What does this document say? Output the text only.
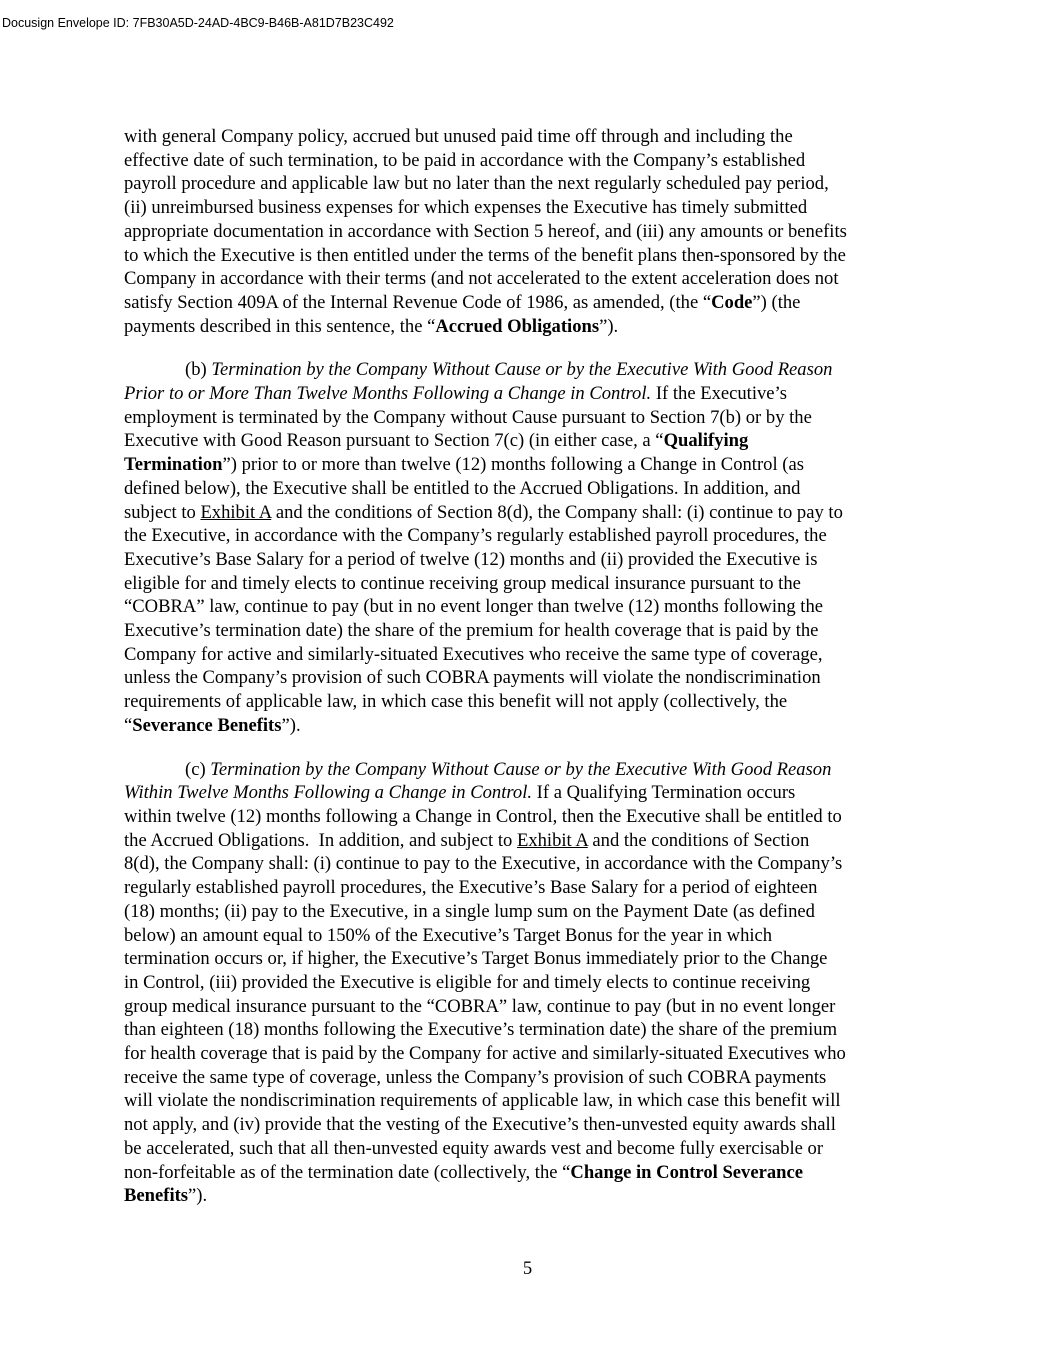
Docusign Envelope ID: 7FB30A5D-24AD-4BC9-B46B-A81D7B23C492

with general Company policy, accrued but unused paid time off through and including the
effective date of such termination, to be paid in accordance with the Company’s established
payroll procedure and applicable law but no later than the next regularly scheduled pay period,
(ii) unreimbursed business expenses for which expenses the Executive has timely submitted
appropriate documentation in accordance with Section 5 hereof, and (iii) any amounts or benefits
to which the Executive is then entitled under the terms of the benefit plans then-sponsored by the
Company in accordance with their terms (and not accelerated to the extent acceleration does not
satisfy Section 409A of the Internal Revenue Code of 1986, as amended, (the “Code”) (the
payments described in this sentence, the “Accrued Obligations”).

(b) Termination by the Company Without Cause or by the Executive With Good Reason
Prior to or More Than Twelve Months Following a Change in Control. If the Executive’s
employment is terminated by the Company without Cause pursuant to Section 7(b) or by the
Executive with Good Reason pursuant to Section 7(c) (in either case, a “Qualifying
Termination”) prior to or more than twelve (12) months following a Change in Control (as
defined below), the Executive shall be entitled to the Accrued Obligations. In addition, and
subject to Exhibit A and the conditions of Section 8(d), the Company shall: (i) continue to pay to
the Executive, in accordance with the Company’s regularly established payroll procedures, the
Executive’s Base Salary for a period of twelve (12) months and (ii) provided the Executive is
eligible for and timely elects to continue receiving group medical insurance pursuant to the
“COBRA” law, continue to pay (but in no event longer than twelve (12) months following the
Executive’s termination date) the share of the premium for health coverage that is paid by the
Company for active and similarly-situated Executives who receive the same type of coverage,
unless the Company’s provision of such COBRA payments will violate the nondiscrimination
requirements of applicable law, in which case this benefit will not apply (collectively, the
“Severance Benefits”).

(c) Termination by the Company Without Cause or by the Executive With Good Reason
Within Twelve Months Following a Change in Control. If a Qualifying Termination occurs
within twelve (12) months following a Change in Control, then the Executive shall be entitled to
the Accrued Obligations.  In addition, and subject to Exhibit A and the conditions of Section
8(d), the Company shall: (i) continue to pay to the Executive, in accordance with the Company’s
regularly established payroll procedures, the Executive’s Base Salary for a period of eighteen
(18) months; (ii) pay to the Executive, in a single lump sum on the Payment Date (as defined
below) an amount equal to 150% of the Executive’s Target Bonus for the year in which
termination occurs or, if higher, the Executive’s Target Bonus immediately prior to the Change
in Control, (iii) provided the Executive is eligible for and timely elects to continue receiving
group medical insurance pursuant to the “COBRA” law, continue to pay (but in no event longer
than eighteen (18) months following the Executive’s termination date) the share of the premium
for health coverage that is paid by the Company for active and similarly-situated Executives who
receive the same type of coverage, unless the Company’s provision of such COBRA payments
will violate the nondiscrimination requirements of applicable law, in which case this benefit will
not apply, and (iv) provide that the vesting of the Executive’s then-unvested equity awards shall
be accelerated, such that all then-unvested equity awards vest and become fully exercisable or
non-forfeitable as of the termination date (collectively, the “Change in Control Severance
Benefits”).

5
